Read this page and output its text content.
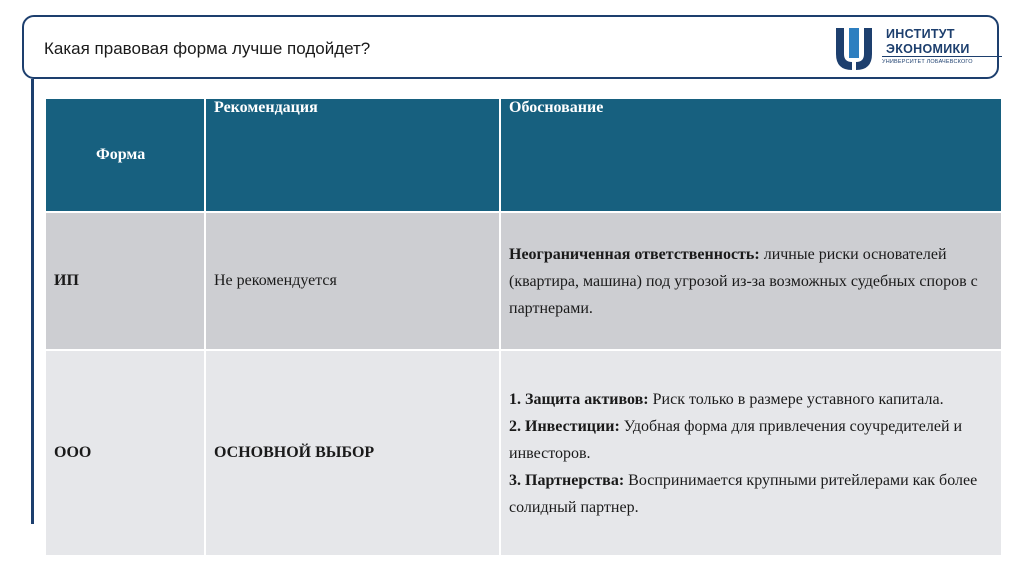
Какая правовая форма лучше подойдет?
ИНСТИТУТ
ЭКОНОМИКИ
УНИВЕРСИТЕТ ЛОБАЧЕВСКОГО
Форма	Рекомендация	Обоснование
ИП	Не рекомендуется	Неограниченная ответственность: личные риски основателей (квартира, машина) под угрозой из-за возможных судебных споров с партнерами.

ООО	ОСНОВНОЙ ВЫБОР	1. Защита активов: Риск только в размере уставного капитала.

2. Инвестиции: Удобная форма для привлечения соучредителей и инвесторов.

3. Партнерства: Воспринимается крупными ритейлерами как более солидный партнер.
